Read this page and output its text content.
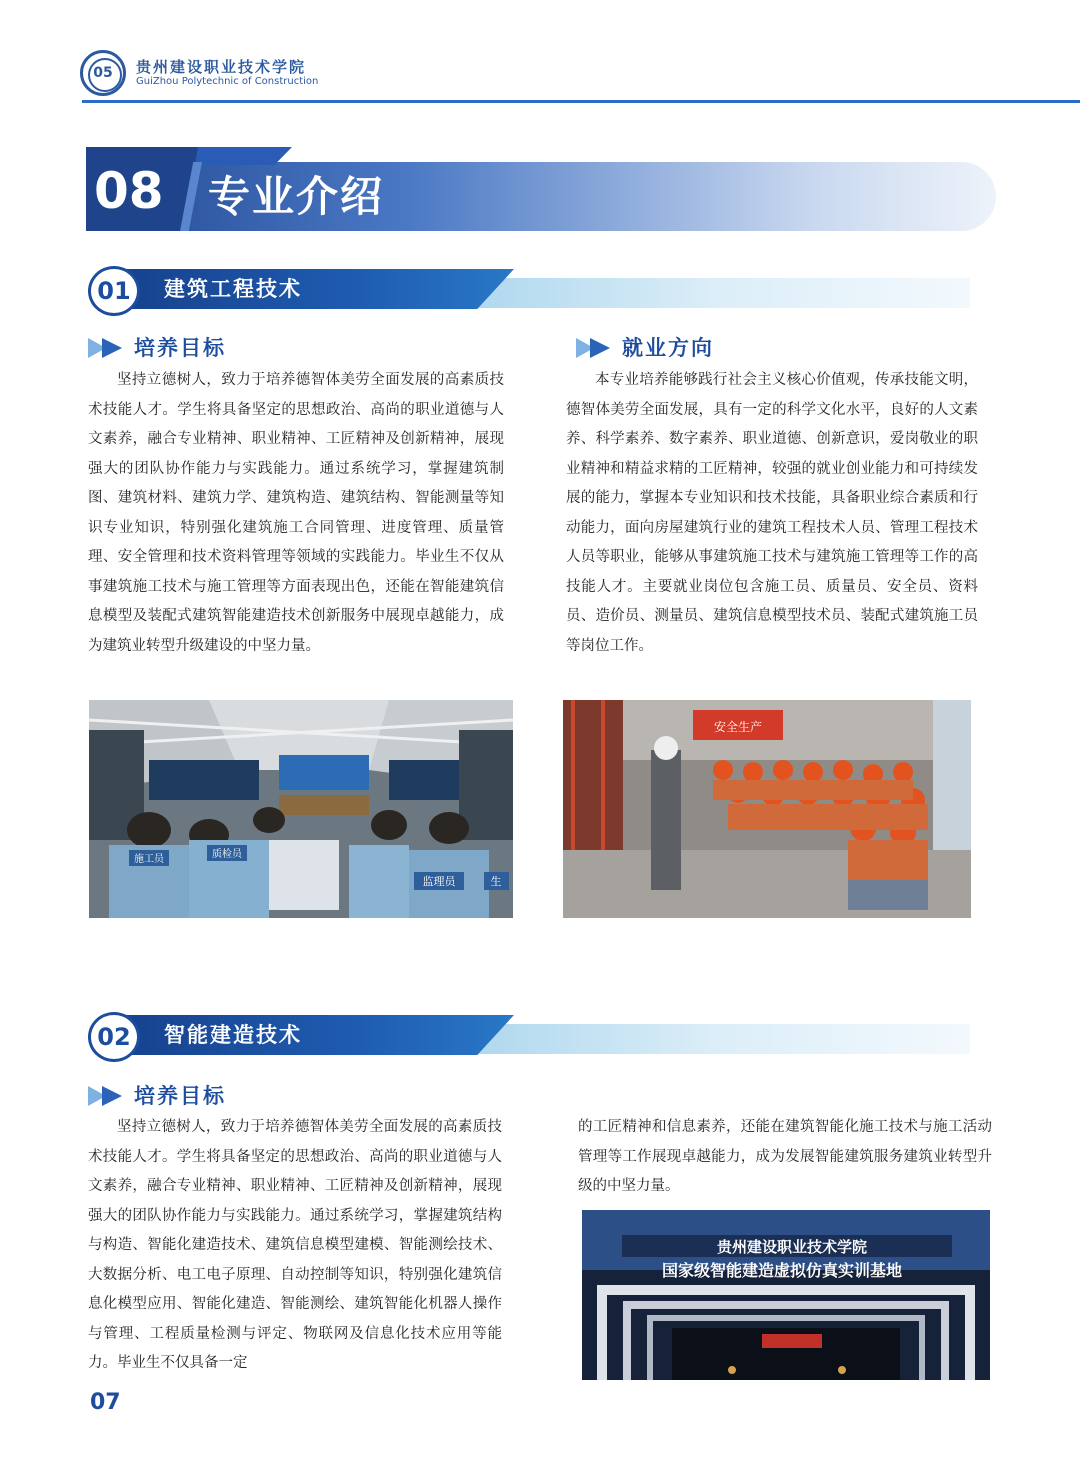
05	贵州建设职业技术学院
GuiZhou Polytechnic of Construction
08 专业介绍
01	建筑工程技术
培养目标
坚持立德树人，致力于培养德智体美劳全面发展的高素质技术技能人才。学生将具备坚定的思想政治、高尚的职业道德与人文素养，融合专业精神、职业精神、工匠精神及创新精神，展现强大的团队协作能力与实践能力。通过系统学习，掌握建筑制图、建筑材料、建筑力学、建筑构造、建筑结构、智能测量等知识专业知识，特别强化建筑施工合同管理、进度管理、质量管理、安全管理和技术资料管理等领域的实践能力。毕业生不仅从事建筑施工技术与施工管理等方面表现出色，还能在智能建筑信息模型及装配式建筑智能建造技术创新服务中展现卓越能力，成为建筑业转型升级建设的中坚力量。
就业方向
本专业培养能够践行社会主义核心价值观，传承技能文明，德智体美劳全面发展，具有一定的科学文化水平，良好的人文素养、科学素养、数字素养、职业道德、创新意识，爱岗敬业的职业精神和精益求精的工匠精神，较强的就业创业能力和可持续发展的能力，掌握本专业知识和技术技能，具备职业综合素质和行动能力，面向房屋建筑行业的建筑工程技术人员、管理工程技术人员等职业，能够从事建筑施工技术与建筑施工管理等工作的高技能人才。主要就业岗位包含施工员、质量员、安全员、资料员、造价员、测量员、建筑信息模型技术员、装配式建筑施工员等岗位工作。
施工员	质检员
监理员	生
安全生产
02	智能建造技术
培养目标
坚持立德树人，致力于培养德智体美劳全面发展的高素质技术技能人才。学生将具备坚定的思想政治、高尚的职业道德与人文素养，融合专业精神、职业精神、工匠精神及创新精神，展现强大的团队协作能力与实践能力。通过系统学习，掌握建筑结构与构造、智能化建造技术、建筑信息模型建模、智能测绘技术、大数据分析、电工电子原理、自动控制等知识，特别强化建筑信息化模型应用、智能化建造、智能测绘、建筑智能化机器人操作与管理、工程质量检测与评定、物联网及信息化技术应用等能力。毕业生不仅具备一定
的工匠精神和信息素养，还能在建筑智能化施工技术与施工活动管理等工作展现卓越能力，成为发展智能建筑服务建筑业转型升级的中坚力量。
贵州建设职业技术学院
国家级智能建造虚拟仿真实训基地
07
